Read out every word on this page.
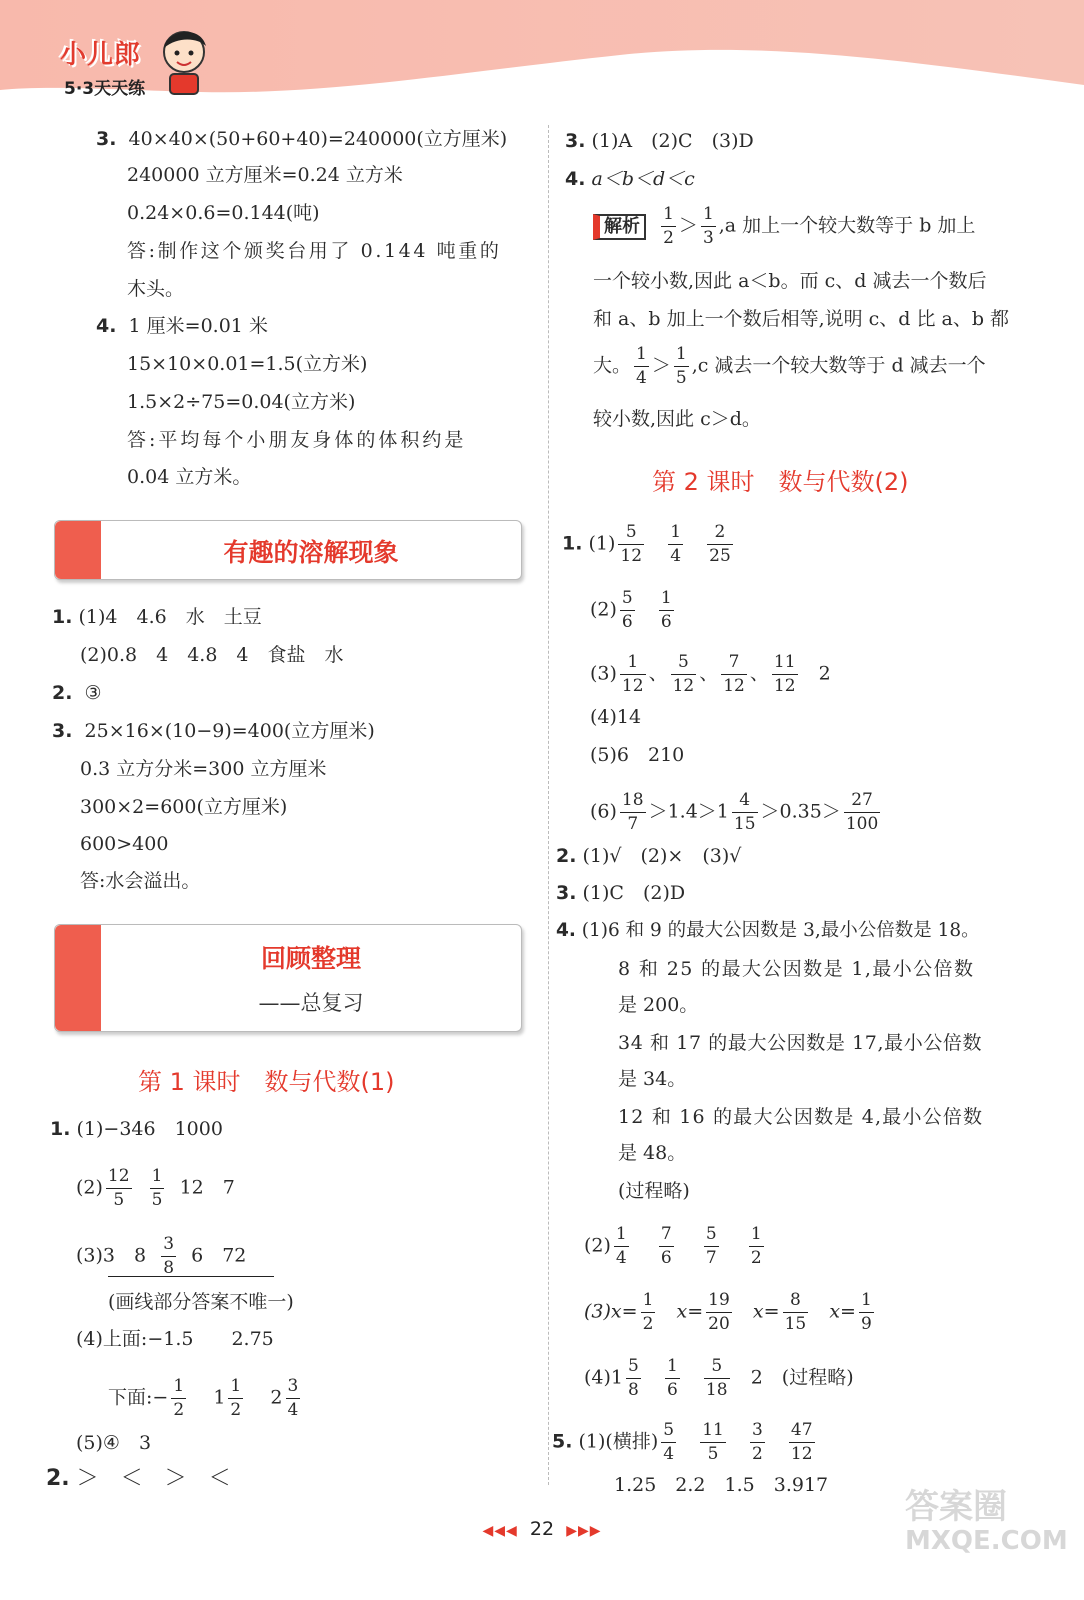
小儿郎
5·3天天练
3. 40×40×(50+60+40)=240000(立方厘米)
240000 立方厘米=0.24 立方米
0.24×0.6=0.144(吨)
答:制作这个颁奖台用了 0.144 吨重的
木头。
4. 1 厘米=0.01 米
15×10×0.01=1.5(立方米)
1.5×2÷75=0.04(立方米)
答:平均每个小朋友身体的体积约是
0.04 立方米。
有趣的溶解现象
1. (1)4　4.6　水　土豆
(2)0.8　4　4.8　4　食盐　水
2. ③
3. 25×16×(10−9)=400(立方厘米)
0.3 立方分米=300 立方厘米
300×2=600(立方厘米)
600>400
答:水会溢出。
回顾整理
——总复习
第 1 课时　数与代数(1)
1. (1)−346　1000
$(2) \frac{12}{5}$
$\frac{1}{5} 12$　7
(3)3　$8 \frac{3}{8} 6$　72
(画线部分答案不唯一)
(4)上面:−1.5　　2.75
下面:− $\frac{1}{2} 1 \frac{1}{2} 2 \frac{3}{4}$
(5)④　3
2. ＞　＜　＞　＜
3. (1)A　(2)C　(3)D
4. a＜b＜d＜c
解析 $\frac{1}{2} > \frac{1}{3} ,a$ 加上一个较大数等于 b 加上
一个较小数,因此 a＜b。而 c、d 减去一个数后
和 a、b 加上一个数后相等,说明 c、d 比 a、b 都
大。 $\frac{1}{4} > \frac{1}{5} ,c$ 减去一个较大数等于 d 减去一个
较小数,因此 c＞d。
第 2 课时　数与代数(2)
1. $(1) \frac{5}{12}$
$\frac{1}{4}$
$\frac{2}{25}$
$(2) \frac{5}{6}$
$\frac{1}{6}$
$(3) \frac{1}{12}$ 、 $\frac{5}{12}$ 、 $\frac{7}{12}$ 、 $\frac{11}{12} 2$
(4)14
(5)6　210
$(6) \frac{18}{7} >1.4>1 \frac{4}{15} >0.35> \frac{27}{100}$
2. (1)√　(2)×　(3)√
3. (1)C　(2)D
4. (1)6 和 9 的最大公因数是 3,最小公倍数是 18。
8 和 25 的最大公因数是 1,最小公倍数
是 200。
34 和 17 的最大公因数是 17,最小公倍数
是 34。
12 和 16 的最大公因数是 4,最小公倍数
是 48。
(过程略)
$(2) \frac{1}{4}$
$\frac{7}{6}$
$\frac{5}{7}$
$\frac{1}{2}$
$(3)x= \frac{1}{2} x= \frac{19}{20} x= \frac{8}{15} x= \frac{1}{9}$
$(4)1 \frac{5}{8}$
$\frac{1}{6}$
$\frac{5}{18} 2$　(过程略)
5. (1)(横排) $\frac{5}{4}$
$\frac{11}{5}$
$\frac{3}{2}$
$\frac{47}{12}$
1.25　2.2　1.5　3.917
◀◀◀ 22 ▶▶▶
答案圈
MXQE.COM
